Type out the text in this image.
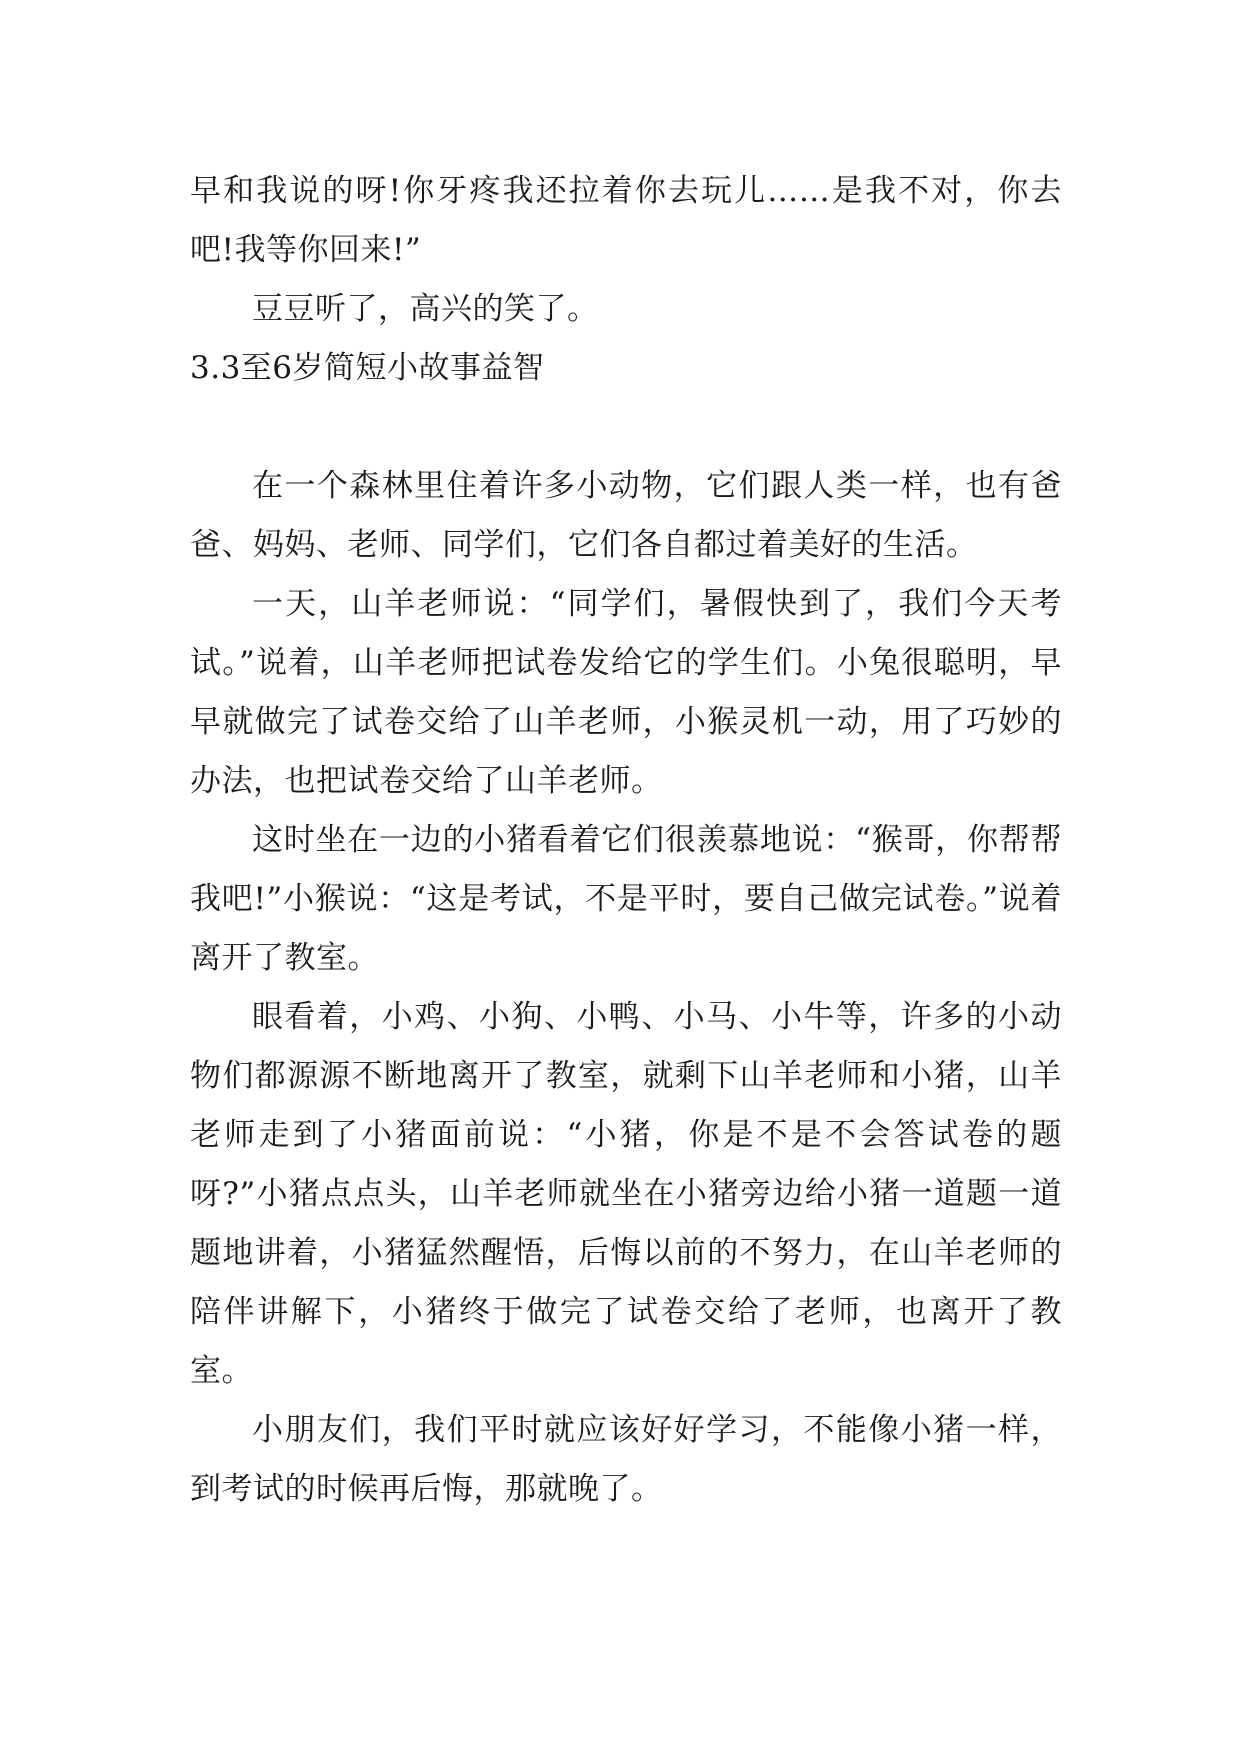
早和我说的呀!你牙疼我还拉着你去玩儿……是我不对，你去吧!我等你回来!”

豆豆听了，高兴的笑了。

3.3至6岁简短小故事益智

在一个森林里住着许多小动物，它们跟人类一样，也有爸爸、妈妈、老师、同学们，它们各自都过着美好的生活。

一天，山羊老师说：“同学们，暑假快到了，我们今天考试。”说着，山羊老师把试卷发给它的学生们。小兔很聪明，早早就做完了试卷交给了山羊老师，小猴灵机一动，用了巧妙的办法，也把试卷交给了山羊老师。

这时坐在一边的小猪看着它们很羡慕地说：“猴哥，你帮帮我吧!”小猴说：“这是考试，不是平时，要自己做完试卷。”说着离开了教室。

眼看着，小鸡、小狗、小鸭、小马、小牛等，许多的小动物们都源源不断地离开了教室，就剩下山羊老师和小猪，山羊老师走到了小猪面前说：“小猪，你是不是不会答试卷的题呀?”小猪点点头，山羊老师就坐在小猪旁边给小猪一道题一道题地讲着，小猪猛然醒悟，后悔以前的不努力，在山羊老师的陪伴讲解下，小猪终于做完了试卷交给了老师，也离开了教室。

小朋友们，我们平时就应该好好学习，不能像小猪一样，到考试的时候再后悔，那就晚了。
